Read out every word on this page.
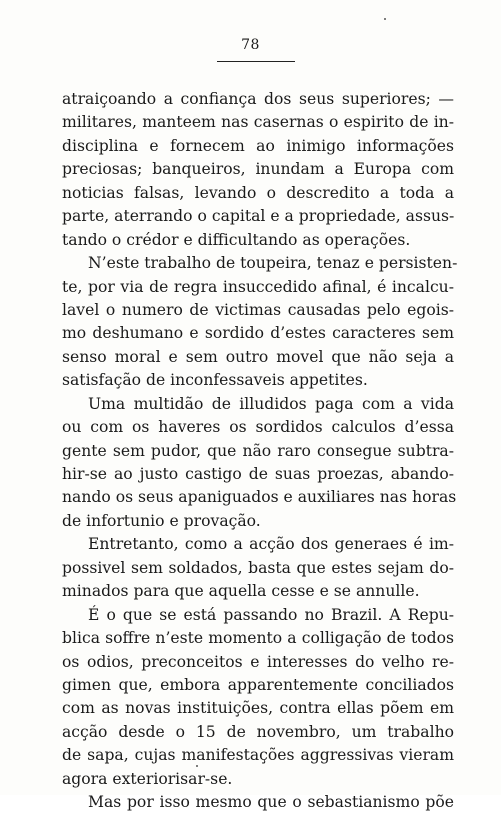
78
atraiçoando a confiança dos seus superiores; —
militares, manteem nas casernas o espirito de in-
disciplina e fornecem ao inimigo informações
preciosas; banqueiros, inundam a Europa com
noticias falsas, levando o descredito a toda a
parte, aterrando o capital e a propriedade, assus-
tando o crédor e difficultando as operações.
N’este trabalho de toupeira, tenaz e persisten-
te, por via de regra insuccedido afinal, é incalcu-
lavel o numero de victimas causadas pelo egois-
mo deshumano e sordido d’estes caracteres sem
senso moral e sem outro movel que não seja a
satisfação de inconfessaveis appetites.
Uma multidão de illudidos paga com a vida
ou com os haveres os sordidos calculos d’essa
gente sem pudor, que não raro consegue subtra-
hir-se ao justo castigo de suas proezas, abando-
nando os seus apaniguados e auxiliares nas horas
de infortunio e provação.
Entretanto, como a acção dos generaes é im-
possivel sem soldados, basta que estes sejam do-
minados para que aquella cesse e se annulle.
É o que se está passando no Brazil. A Repu-
blica soffre n’este momento a colligação de todos
os odios, preconceitos e interesses do velho re-
gimen que, embora apparentemente conciliados
com as novas instituições, contra ellas põem em
acção desde o 15 de novembro, um trabalho
de sapa, cujas manifestações aggressivas vieram
agora exteriorisar-se.
Mas por isso mesmo que o sebastianismo põe
